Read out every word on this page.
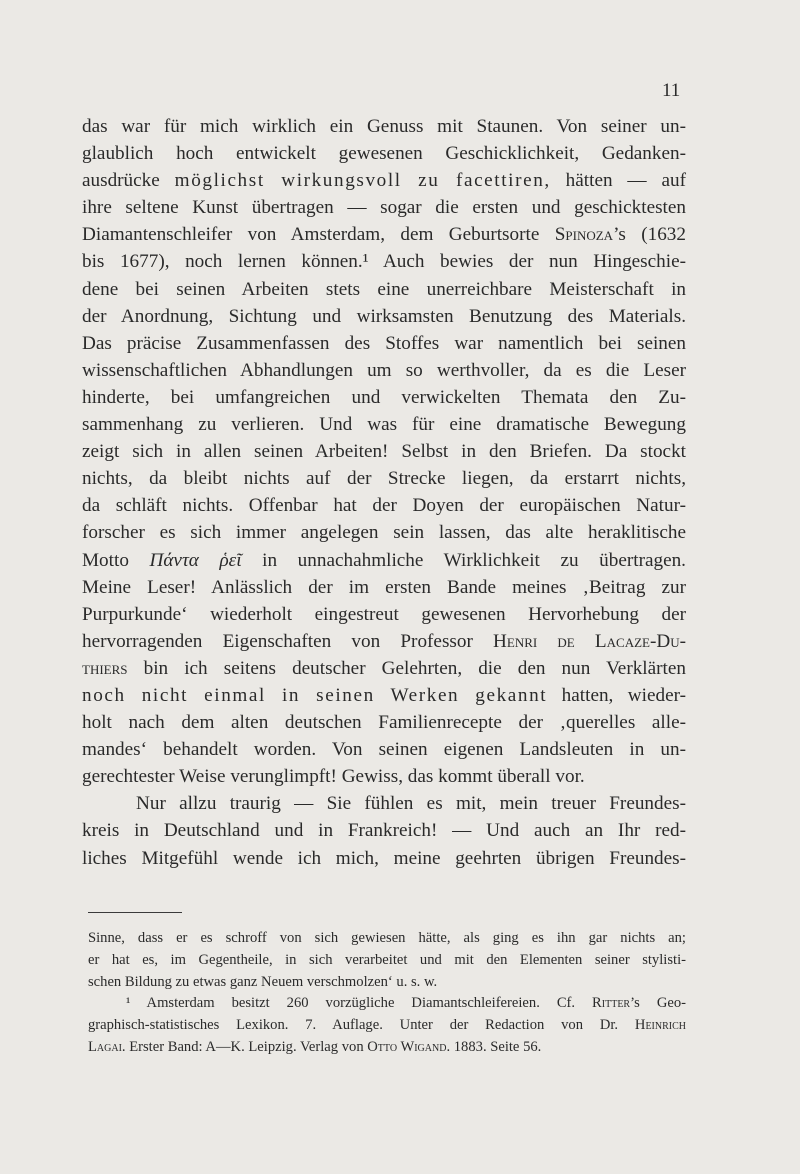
11
das war für mich wirklich ein Genuss mit Staunen. Von seiner un-
glaublich hoch entwickelt gewesenen Geschicklichkeit, Gedanken-
ausdrücke möglichst wirkungsvoll zu facettiren, hätten — auf
ihre seltene Kunst übertragen — sogar die ersten und geschicktesten
Diamantenschleifer von Amsterdam, dem Geburtsorte Spinoza’s (1632
bis 1677), noch lernen können.¹ Auch bewies der nun Hingeschie-
dene bei seinen Arbeiten stets eine unerreichbare Meisterschaft in
der Anordnung, Sichtung und wirksamsten Benutzung des Materials.
Das präcise Zusammenfassen des Stoffes war namentlich bei seinen
wissenschaftlichen Abhandlungen um so werthvoller, da es die Leser
hinderte, bei umfangreichen und verwickelten Themata den Zu-
sammenhang zu verlieren. Und was für eine dramatische Bewegung
zeigt sich in allen seinen Arbeiten! Selbst in den Briefen. Da stockt
nichts, da bleibt nichts auf der Strecke liegen, da erstarrt nichts,
da schläft nichts. Offenbar hat der Doyen der europäischen Natur-
forscher es sich immer angelegen sein lassen, das alte heraklitische
Motto Πάντα ῥεῖ in unnachahmliche Wirklichkeit zu übertragen.
Meine Leser! Anlässlich der im ersten Bande meines ‚Beitrag zur
Purpurkunde‘ wiederholt eingestreut gewesenen Hervorhebung der
hervorragenden Eigenschaften von Professor Henri de Lacaze-Du-
thiers bin ich seitens deutscher Gelehrten, die den nun Verklärten
noch nicht einmal in seinen Werken gekannt hatten, wieder-
holt nach dem alten deutschen Familienrecepte der ‚querelles alle-
mandes‘ behandelt worden. Von seinen eigenen Landsleuten in un-
gerechtester Weise verunglimpft! Gewiss, das kommt überall vor.
Nur allzu traurig — Sie fühlen es mit, mein treuer Freundes-
kreis in Deutschland und in Frankreich! — Und auch an Ihr red-
liches Mitgefühl wende ich mich, meine geehrten übrigen Freundes-
Sinne, dass er es schroff von sich gewiesen hätte, als ging es ihn gar nichts an;
er hat es, im Gegentheile, in sich verarbeitet und mit den Elementen seiner stylisti-
schen Bildung zu etwas ganz Neuem verschmolzen‘ u. s. w.
¹ Amsterdam besitzt 260 vorzügliche Diamantschleifereien. Cf. Ritter’s Geo-
graphisch-statistisches Lexikon. 7. Auflage. Unter der Redaction von Dr. Heinrich
Lagai. Erster Band: A—K. Leipzig. Verlag von Otto Wigand. 1883. Seite 56.
